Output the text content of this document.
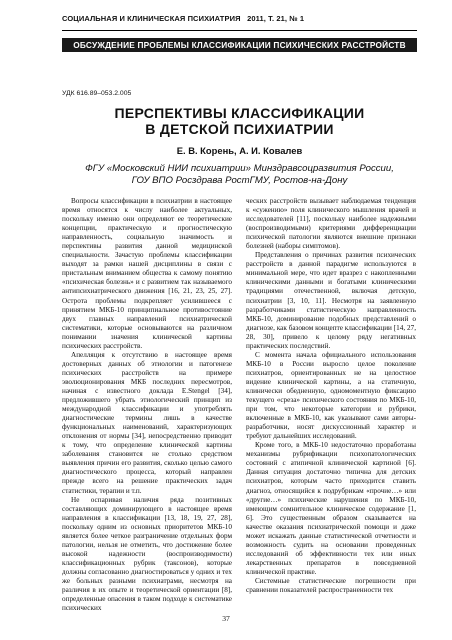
СОЦИАЛЬНАЯ И КЛИНИЧЕСКАЯ ПСИХИАТРИЯ 2011, Т. 21, № 1
ОБСУЖДЕНИЕ ПРОБЛЕМЫ КЛАССИФИКАЦИИ ПСИХИЧЕСКИХ РАССТРОЙСТВ
УДК 616.89–053.2.005
ПЕРСПЕКТИВЫ КЛАССИФИКАЦИИ
В ДЕТСКОЙ ПСИХИАТРИИ
Е. В. Корень, А. И. Ковалев
ФГУ «Московский НИИ психиатрии» Минздравсоцразвития России,
ГОУ ВПО Росздрава РостГМУ, Ростов-на-Дону

Вопросы классификации в психиатрии в настоящее время относятся к числу наиболее актуальных, поскольку именно они определяют ее теоретические концепции, практическую и прогностическую направленность, социальную значимость и перспективы развития данной медицинской специальности. Зачастую проблемы классификации выходят за рамки нашей дисциплины в связи с пристальным вниманием общества к самому понятию «психическая болезнь» и с развитием так называемого антипсихиатрического движения [16, 21, 23, 25, 27]. Острота проблемы подкрепляет усилившееся с принятием МКБ-10 принципиальное противостояние двух главных направлений психиатрической систематики, которые основываются на различном понимании значения клинической картины психических расстройств.

Апелляция к отсутствию в настоящее время достоверных данных об этиологии и патогенезе психических расстройств на примере эволюционирования МКБ последних пересмотров, начиная с известного доклада E.Stengel [34], предложившего убрать этиологический принцип из международной классификации и употреблять диагностические термины лишь в качестве функциональных наименований, характеризующих отклонения от нормы [34], непосредственно приводит к тому, что определение клинической картины заболевания становится не столько средством выявления причин его развития, сколько целью самого диагностического процесса, который направлен прежде всего на решение практических задач статистики, терапии и т.п.

Не оспаривая наличия ряда позитивных составляющих доминирующего в настоящее время направления в классификации [13, 18, 19, 27, 28], поскольку одним из основных приоритетов МКБ-10 является более четкое разграничение отдельных форм патологии, нельзя не отметить, что достижение более высокой надежности (воспроизводимости) классификационных рубрик (таксонов), которые должны согласованно диагностироваться у одних и тех же больных разными психиатрами, несмотря на различия в их опыте и теоретической ориентации [8], определенные опасения в таком подходе к систематике психических

ческих расстройств вызывает наблюдаемая тенденция к «сужению» поля клинического мышления врачей и исследователей [11], поскольку наиболее надежными (воспроизводимыми) критериями дифференциации психической патологии являются внешние признаки болезней (наборы симптомов).

Представления о причинах развития психических расстройств в данной парадигме используются в минимальной мере, что идет вразрез с накопленными клиническими данными и богатыми клиническими традициями отечественной, включая детскую, психиатрии [3, 10, 11]. Несмотря на заявленную разработчиками статистическую направленность МКБ-10, доминирование подобных представлений о диагнозе, как базовом концепте классификации [14, 27, 28, 30], привело к целому ряду негативных практических последствий.

С момента начала официального использования МКБ-10 в России выросло целое поколение психиатров, ориентированных не на целостное видение клинической картины, а на статичную, клинически обедненную, одномоментную фиксацию текущего «среза» психического состояния по МКБ-10, при том, что некоторые категории и рубрики, включенные в МКБ-10, как указывают сами авторы-разработчики, носят дискуссионный характер и требуют дальнейших исследований.

Кроме того, в МКБ-10 недостаточно проработаны механизмы рубрификации психопатологических состояний с атипичной клинической картиной [6]. Данная ситуация достаточно типична для детских психиатров, которым часто приходится ставить диагноз, относящийся к подрубрикам «прочие…» или «другие…» психические нарушения по МКБ-10, имеющим сомнительное клиническое содержание [1, 6]. Это существенным образом сказывается на качестве оказания психиатрической помощи и даже может искажать данные статистической отчетности и возможность судить на основании проведенных исследований об эффективности тех или иных лекарственных препаратов в повседневной клинической практике.

Системные статистические погрешности при сравнении показателей распространенности тех

37
